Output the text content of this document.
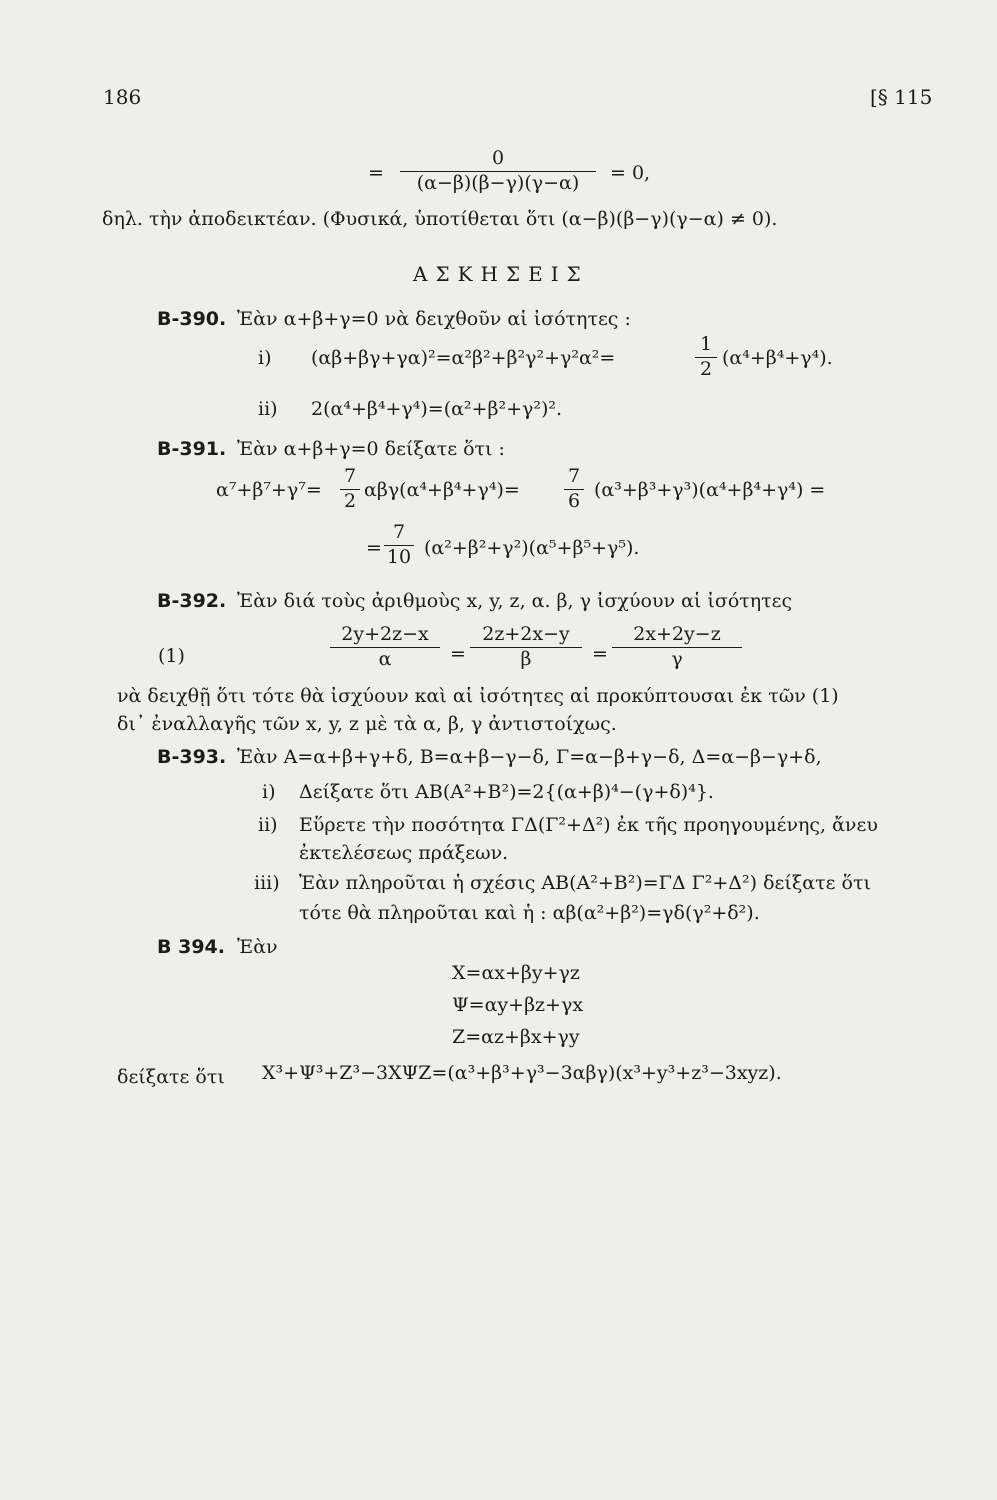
186	[§ 115
=
0
(α−β)(β−γ)(γ−α)	= 0,
δηλ. τὴν ἀποδεικτέαν. (Φυσικά, ὑποτίθεται ὅτι (α−β)(β−γ)(γ−α) ≠ 0).
ΑΣΚΗΣΕΙΣ
B-390. Ἐὰν α+β+γ=0 νὰ δειχθοῦν αἱ ἰσότητες :
i) (αβ+βγ+γα)²=α²β²+β²γ²+γ²α²=
1
2 (α⁴+β⁴+γ⁴).
ii) 2(α⁴+β⁴+γ⁴)=(α²+β²+γ²)².
B-391. Ἐὰν α+β+γ=0 δείξατε ὅτι :
α⁷+β⁷+γ⁷=
7
2 αβγ(α⁴+β⁴+γ⁴)=
7
6 (α³+β³+γ³)(α⁴+β⁴+γ⁴) =
=
7
10 (α²+β²+γ²)(α⁵+β⁵+γ⁵).
B-392. Ἐὰν διά τοὺς ἀριθμοὺς x, y, z, α. β, γ ἰσχύουν αἱ ἰσότητες
(1)
2y+2z−x
α	=
2z+2x−y
β	=
2x+2y−z
γ
νὰ δειχθῇ ὅτι τότε θὰ ἰσχύουν καὶ αἱ ἰσότητες αἱ προκύπτουσαι ἐκ τῶν (1)
δι᾽ ἐναλλαγῆς τῶν x, y, z μὲ τὰ α, β, γ ἀντιστοίχως.
B-393. Ἐὰν A=α+β+γ+δ, B=α+β−γ−δ, Γ=α−β+γ−δ, Δ=α−β−γ+δ,
i) Δείξατε ὅτι AB(A²+B²)=2{(α+β)⁴−(γ+δ)⁴}.
ii) Εὕρετε τὴν ποσότητα ΓΔ(Γ²+Δ²) ἐκ τῆς προηγουμένης, ἄνευ
ἐκτελέσεως πράξεων.
iii) Ἐὰν πληροῦται ἡ σχέσις AB(A²+B²)=ΓΔ Γ²+Δ²) δείξατε ὅτι
τότε θὰ πληροῦται καὶ ἡ : αβ(α²+β²)=γδ(γ²+δ²).
B 394. Ἐὰν
X=αx+βy+γz
Ψ=αy+βz+γx
Z=αz+βx+γy
δείξατε ὅτι X³+Ψ³+Z³−3XΨZ=(α³+β³+γ³−3αβγ)(x³+y³+z³−3xyz).
